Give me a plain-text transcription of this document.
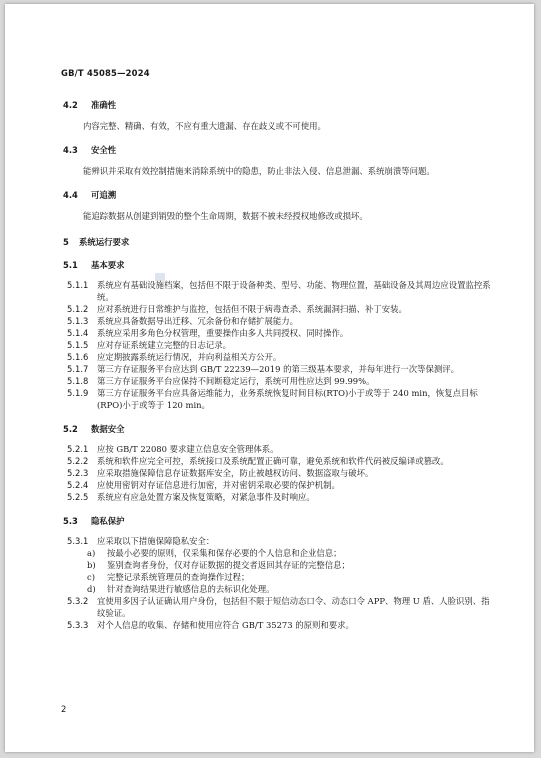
GB/T 45085—2024
4.2 准确性

内容完整、精确、有效，不应有重大遗漏、存在歧义或不可使用。

4.3 安全性

能辨识并采取有效控制措施来消除系统中的隐患，防止非法入侵、信息泄漏、系统崩溃等问题。

4.4 可追溯

能追踪数据从创建到销毁的整个生命周期，数据不被未经授权地修改或损坏。

5 系统运行要求
5.1 基本要求
5.1.1 系统应有基础设施档案，包括但不限于设备种类、型号、功能、物理位置，基础设备及其周边应设置监控系统。
5.1.2 应对系统进行日常维护与监控，包括但不限于病毒查杀、系统漏洞扫描、补丁安装。
5.1.3 系统应具备数据导出迁移、冗余备份和存储扩展能力。
5.1.4 系统应采用多角色分权管理，重要操作由多人共同授权、同时操作。
5.1.5 应对存证系统建立完整的日志记录。
5.1.6 应定期披露系统运行情况，并向利益相关方公开。
5.1.7 第三方存证服务平台应达到 GB/T 22239—2019 的第三级基本要求，并每年进行一次等保测评。
5.1.8 第三方存证服务平台应保持不间断稳定运行，系统可用性应达到 99.99%。
5.1.9 第三方存证服务平台应具备运维能力，业务系统恢复时间目标(RTO)小于或等于 240 min，恢复点目标(RPO)小于或等于 120 min。
5.2 数据安全
5.2.1 应按 GB/T 22080 要求建立信息安全管理体系。
5.2.2 系统和软件应完全可控，系统接口及系统配置正确可靠，避免系统和软件代码被反编译或篡改。
5.2.3 应采取措施保障信息存证数据库安全，防止被越权访问、数据盗取与破坏。
5.2.4 应使用密钥对存证信息进行加密，并对密钥采取必要的保护机制。
5.2.5 系统应有应急处置方案及恢复策略，对紧急事件及时响应。
5.3 隐私保护
5.3.1 应采取以下措施保障隐私安全：
a) 按最小必要的原则，仅采集和保存必要的个人信息和企业信息；
b) 鉴别查询者身份，仅对存证数据的提交者返回其存证的完整信息；
c) 完整记录系统管理员的查询操作过程；
d) 针对查询结果进行敏感信息的去标识化处理。
5.3.2 宜使用多因子认证确认用户身份，包括但不限于短信动态口令、动态口令 APP、物理 U 盾、人脸识别、指纹验证。
5.3.3 对个人信息的收集、存储和使用应符合 GB/T 35273 的原则和要求。
2
